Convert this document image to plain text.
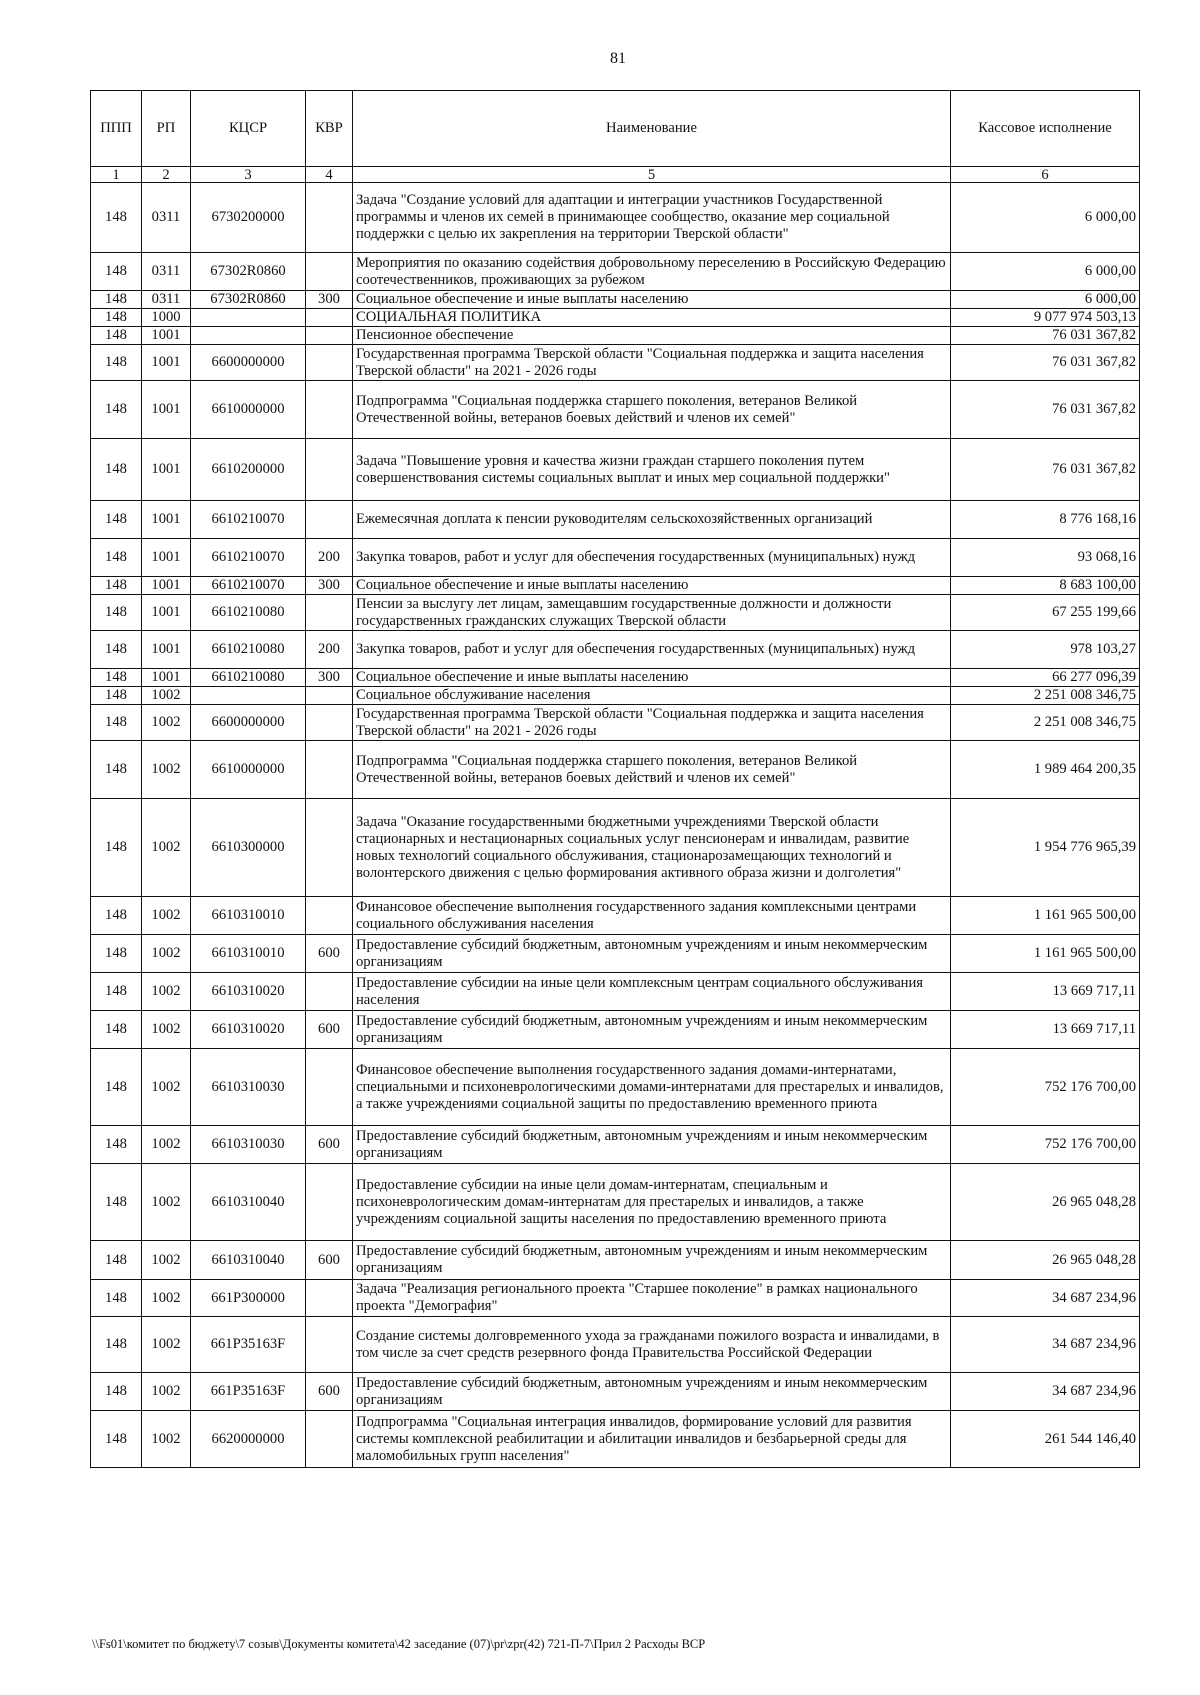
81
ППП	РП	КЦСР	КВР	Наименование	Кассовое исполнение
1	2	3	4	5	6
148	0311	6730200000		Задача "Создание условий для адаптации и интеграции участников Государственной программы и членов их семей в принимающее сообщество, оказание мер социальной поддержки с целью их закрепления на территории Тверской области"	6 000,00
148	0311	67302R0860		Мероприятия по оказанию содействия добровольному переселению в Российскую Федерацию соотечественников, проживающих за рубежом	6 000,00
148	0311	67302R0860	300	Социальное обеспечение и иные выплаты населению	6 000,00
148	1000			СОЦИАЛЬНАЯ ПОЛИТИКА	9 077 974 503,13
148	1001			Пенсионное обеспечение	76 031 367,82
148	1001	6600000000		Государственная программа Тверской области "Социальная поддержка и защита населения Тверской области" на 2021 - 2026 годы	76 031 367,82
148	1001	6610000000		Подпрограмма "Социальная поддержка старшего поколения, ветеранов Великой Отечественной войны, ветеранов боевых действий и членов их семей"	76 031 367,82
148	1001	6610200000		Задача "Повышение уровня и качества жизни граждан старшего поколения путем совершенствования системы социальных выплат и иных мер социальной поддержки"	76 031 367,82
148	1001	6610210070		Ежемесячная доплата к пенсии руководителям сельскохозяйственных организаций	8 776 168,16
148	1001	6610210070	200	Закупка товаров, работ и услуг для обеспечения государственных (муниципальных) нужд	93 068,16
148	1001	6610210070	300	Социальное обеспечение и иные выплаты населению	8 683 100,00
148	1001	6610210080		Пенсии за выслугу лет лицам, замещавшим государственные должности и должности государственных гражданских служащих Тверской области	67 255 199,66
148	1001	6610210080	200	Закупка товаров, работ и услуг для обеспечения государственных (муниципальных) нужд	978 103,27
148	1001	6610210080	300	Социальное обеспечение и иные выплаты населению	66 277 096,39
148	1002			Социальное обслуживание населения	2 251 008 346,75
148	1002	6600000000		Государственная программа Тверской области "Социальная поддержка и защита населения Тверской области" на 2021 - 2026 годы	2 251 008 346,75
148	1002	6610000000		Подпрограмма "Социальная поддержка старшего поколения, ветеранов Великой Отечественной войны, ветеранов боевых действий и членов их семей"	1 989 464 200,35
148	1002	6610300000		Задача "Оказание государственными бюджетными учреждениями Тверской области стационарных и нестационарных социальных услуг пенсионерам и инвалидам, развитие новых технологий социального обслуживания, стационарозамещающих технологий и волонтерского движения с целью формирования активного образа жизни и долголетия"	1 954 776 965,39
148	1002	6610310010		Финансовое обеспечение выполнения государственного задания комплексными центрами социального обслуживания населения	1 161 965 500,00
148	1002	6610310010	600	Предоставление субсидий бюджетным, автономным учреждениям и иным некоммерческим организациям	1 161 965 500,00
148	1002	6610310020		Предоставление субсидии на иные цели комплексным центрам социального обслуживания населения	13 669 717,11
148	1002	6610310020	600	Предоставление субсидий бюджетным, автономным учреждениям и иным некоммерческим организациям	13 669 717,11
148	1002	6610310030		Финансовое обеспечение выполнения государственного задания домами-интернатами, специальными и психоневрологическими домами-интернатами для престарелых и инвалидов, а также учреждениями социальной защиты по предоставлению временного приюта	752 176 700,00
148	1002	6610310030	600	Предоставление субсидий бюджетным, автономным учреждениям и иным некоммерческим организациям	752 176 700,00
148	1002	6610310040		Предоставление субсидии на иные цели домам-интернатам, специальным и психоневрологическим домам-интернатам для престарелых и инвалидов, а также учреждениям социальной защиты населения по предоставлению временного приюта	26 965 048,28
148	1002	6610310040	600	Предоставление субсидий бюджетным, автономным учреждениям и иным некоммерческим организациям	26 965 048,28
148	1002	661P300000		Задача "Реализация регионального проекта "Старшее поколение" в рамках национального проекта "Демография"	34 687 234,96
148	1002	661P35163F		Создание системы долговременного ухода за гражданами пожилого возраста и инвалидами, в том числе за счет средств резервного фонда Правительства Российской Федерации	34 687 234,96
148	1002	661P35163F	600	Предоставление субсидий бюджетным, автономным учреждениям и иным некоммерческим организациям	34 687 234,96
148	1002	6620000000		Подпрограмма "Социальная интеграция инвалидов, формирование условий для развития системы комплексной реабилитации и абилитации инвалидов и безбарьерной среды для маломобильных групп населения"	261 544 146,40
\\Fs01\комитет по бюджету\7 созыв\Документы комитета\42 заседание (07)\pr\zpr(42) 721-П-7\Прил 2 Расходы ВСР
